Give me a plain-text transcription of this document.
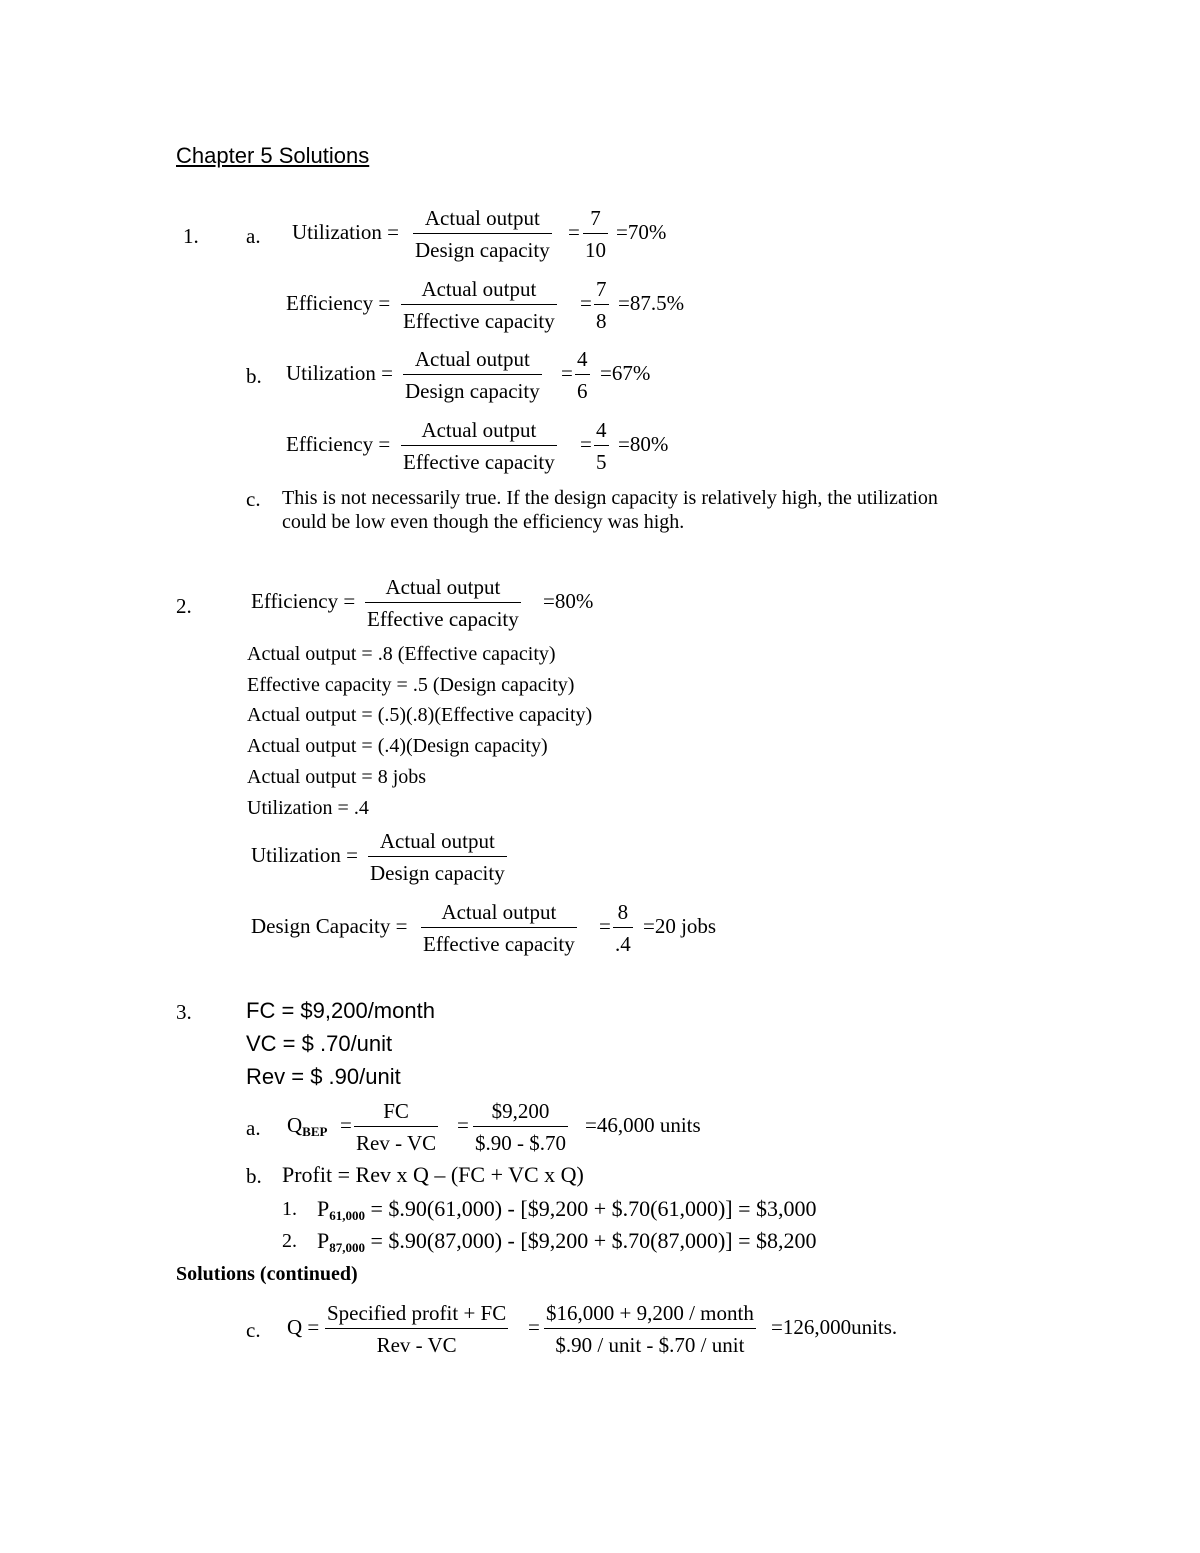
Chapter 5 Solutions
1. a. Utilization =
Actual output
Design capacity
=
7
10
=70%
Efficiency =
Actual output
Effective capacity
=
7
8
=87.5%
b. Utilization =
Actual output
Design capacity
=
4
6
=67%
Efficiency =
Actual output
Effective capacity
=
4
5
=80%
c. This is not necessarily true. If the design capacity is relatively high, the utilization
could be low even though the efficiency was high.
2.	Efficiency =
Actual output
Effective capacity
=80%
Actual output = .8 (Effective capacity)
Effective capacity = .5 (Design capacity)
Actual output = (.5)(.8)(Effective capacity)
Actual output = (.4)(Design capacity)
Actual output = 8 jobs
Utilization = .4
Utilization =
Actual output
Design capacity
Design Capacity =
Actual output
Effective capacity
=
8
.4
=20 jobs
3. FC = $9,200/month
VC = $ .70/unit
Rev = $ .90/unit
a. $Q_{BEP}$ =
FC
Rev - VC
=
$9,200
$.90 - $.70
=46,000 units
b. Profit = Rev x Q – (FC + VC x Q)
1. $P_{61,000}$ = $.90(61,000) - [$9,200 + $.70(61,000)] = $3,000
2. $P_{87,000}$ = $.90(87,000) - [$9,200 + $.70(87,000)] = $8,200
Solutions (continued)
c. Q =
Specified profit + FC
Rev - VC
=
$16,000 + 9,200 / month
$.90 / unit - $.70 / unit
=126,000units.
